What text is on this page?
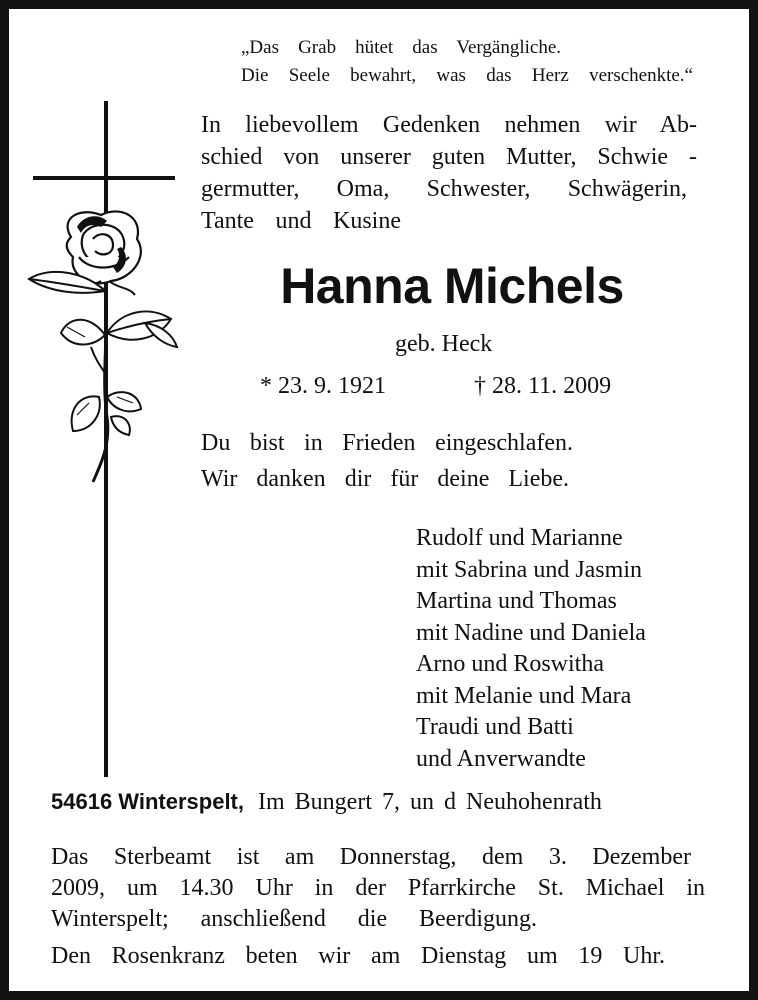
„Das Grab hütet das Vergängliche.
Die Seele bewahrt, was das Herz verschenkte.“
In liebevollem Gedenken nehmen wir Ab-
schied von unserer guten Mutter, Schwie -
germutter, Oma, Schwester, Schwägerin,
Tante und Kusine
Hanna Michels
geb. Heck
* 23. 9. 1921	† 28. 11. 2009
Du bist in Frieden eingeschlafen.
Wir danken dir für deine Liebe.
Rudolf und Marianne
mit Sabrina und Jasmin
Martina und Thomas
mit Nadine und Daniela
Arno und Roswitha
mit Melanie und Mara
Traudi und Batti
und Anverwandte
54616 Winterspelt, Im Bungert 7, un d Neuhohenrath
Das Sterbeamt ist am Donnerstag, dem 3. Dezember
2009, um 14.30 Uhr in der Pfarrkirche St. Michael in
Winterspelt; anschließend die Beerdigung.
Den Rosenkranz beten wir am Dienstag um 19 Uhr.
